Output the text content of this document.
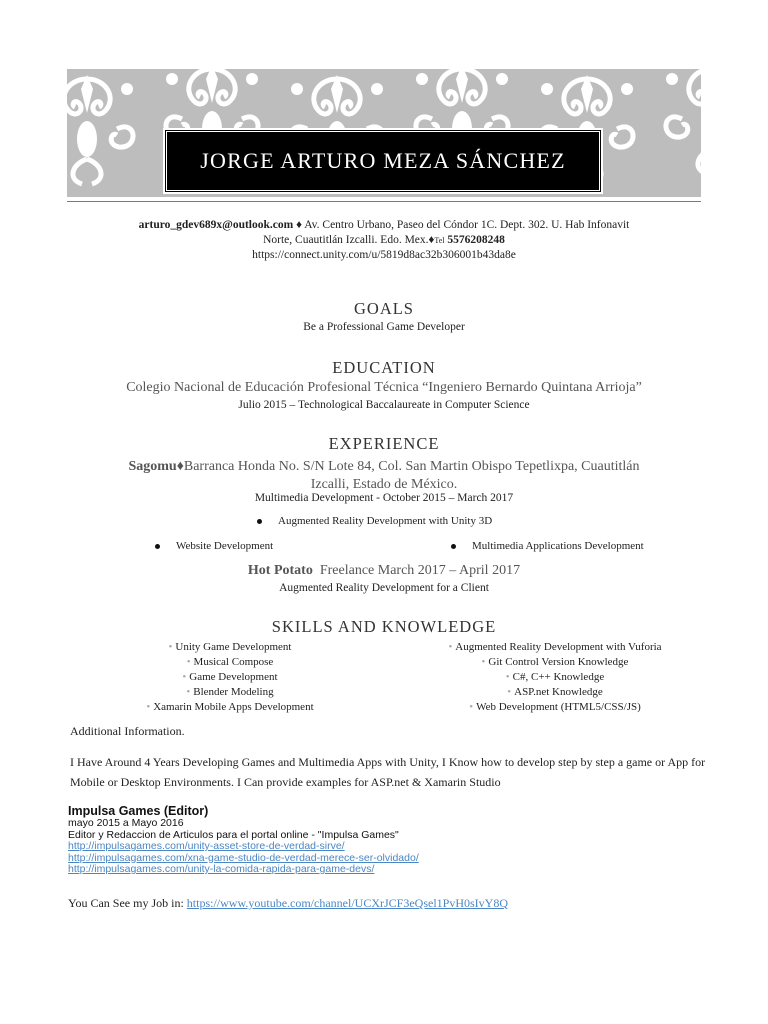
JORGE ARTURO MEZA SÁNCHEZ
arturo_gdev689x@outlook.com ♦ Av. Centro Urbano, Paseo del Cóndor 1C. Dept. 302. U. Hab Infonavit
Norte, Cuautitlán Izcalli. Edo. Mex.♦Tel 5576208248
https://connect.unity.com/u/5819d8ac32b306001b43da8e
GOALS
Be a Professional Game Developer
EDUCATION
Colegio Nacional de Educación Profesional Técnica “Ingeniero Bernardo Quintana Arrioja”
Julio 2015 – Technological Baccalaureate in Computer Science
EXPERIENCE
Sagomu♦Barranca Honda No. S/N Lote 84, Col. San Martin Obispo Tepetlixpa, Cuautitlán
Izcalli, Estado de México.
Multimedia Development - October 2015 – March 2017
Augmented Reality Development with Unity 3D
Website Development	Multimedia Applications Development
Hot Potato Freelance March 2017 – April 2017
Augmented Reality Development for a Client
SKILLS AND KNOWLEDGE
• Unity Game Development
• Musical Compose
• Game Development
• Blender Modeling
• Xamarin Mobile Apps Development
• Augmented Reality Development with Vuforia
• Git Control Version Knowledge
• C#, C++ Knowledge
• ASP.net Knowledge
• Web Development (HTML5/CSS/JS)
Additional Information.
I Have Around 4 Years Developing Games and Multimedia Apps with Unity, I Know how to develop step by step a game or App for Mobile or Desktop Environments. I Can provide examples for ASP.net & Xamarin Studio
Impulsa Games (Editor)
mayo 2015 a Mayo 2016
Editor y Redaccion de Articulos para el portal online - "Impulsa Games"
http://impulsagames.com/unity-asset-store-de-verdad-sirve/
http://impulsagames.com/xna-game-studio-de-verdad-merece-ser-olvidado/
http://impulsagames.com/unity-la-comida-rapida-para-game-devs/
You Can See my Job in: https://www.youtube.com/channel/UCXrJCF3eQsel1PvH0sIvY8Q
